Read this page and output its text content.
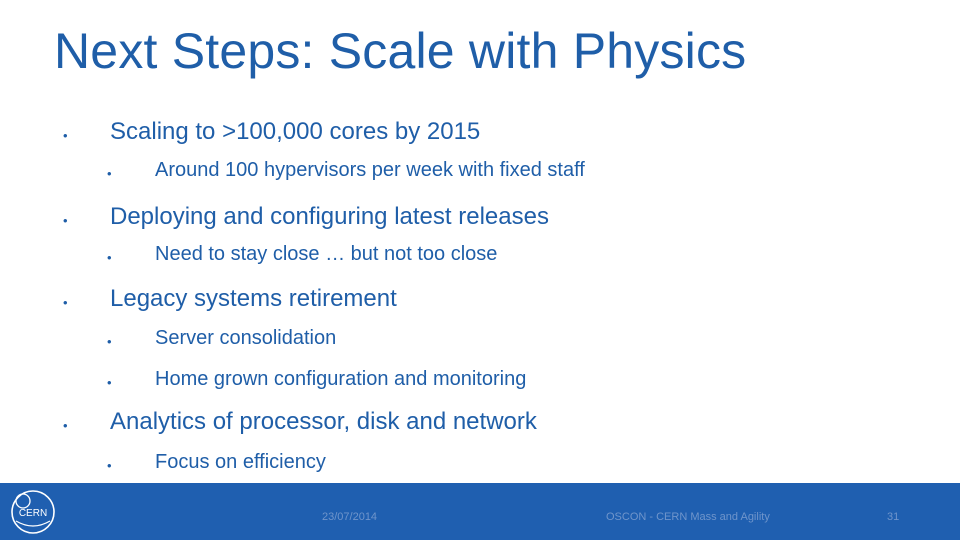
Next Steps: Scale with Physics
• Scaling to >100,000 cores by 2015
• Around 100 hypervisors per week with fixed staff
• Deploying and configuring latest releases
• Need to stay close … but not too close
• Legacy systems retirement
• Server consolidation
• Home grown configuration and monitoring
• Analytics of processor, disk and network
• Focus on efficiency
CERN	23/07/2014	OSCON - CERN Mass and Agility	31
